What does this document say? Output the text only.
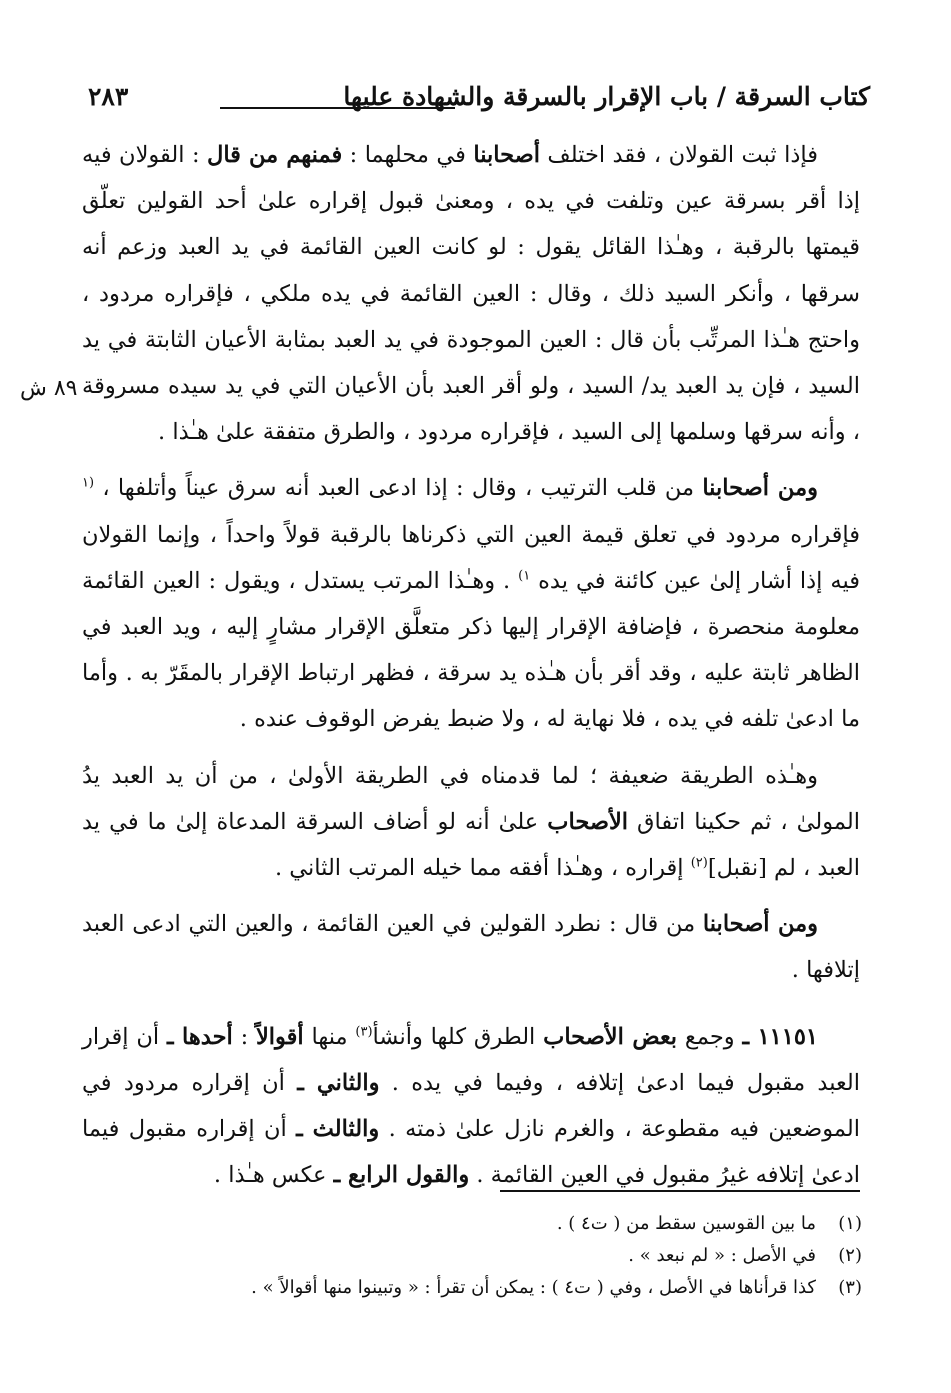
كتاب السرقة / باب الإقرار بالسرقة والشهادة عليها
٢٨٣
٨٩ ش

فإذا ثبت القولان ، فقد اختلف أصحابنا في محلهما : فمنهم من قال : القولان فيه إذا أقر بسرقة عين وتلفت في يده ، ومعنىٰ قبول إقراره علىٰ أحد القولين تعلّق قيمتها بالرقبة ، وهـٰذا القائل يقول : لو كانت العين القائمة في يد العبد وزعم أنه سرقها ، وأنكر السيد ذلك ، وقال : العين القائمة في يده ملكي ، فإقراره مردود ، واحتج هـٰذا المرتِّب بأن قال : العين الموجودة في يد العبد بمثابة الأعيان الثابتة في يد السيد ، فإن يد العبد يد/ السيد ، ولو أقر العبد بأن الأعيان التي في يد سيده مسروقة ، وأنه سرقها وسلمها إلى السيد ، فإقراره مردود ، والطرق متفقة علىٰ هـٰذا .

ومن أصحابنا من قلب الترتيب ، وقال : إذا ادعى العبد أنه سرق عيناً وأتلفها ، $^{(١}$ فإقراره مردود في تعلق قيمة العين التي ذكرناها بالرقبة قولاً واحداً ، وإنما القولان فيه إذا أشار إلىٰ عين كائنة في يده $^{١)}$ . وهـٰذا المرتب يستدل ، ويقول : العين القائمة معلومة منحصرة ، فإضافة الإقرار إليها ذكر متعلَّق الإقرار مشارٍ إليه ، ويد العبد في الظاهر ثابتة عليه ، وقد أقر بأن هـٰذه يد سرقة ، فظهر ارتباط الإقرار بالمقَرّ به . وأما ما ادعىٰ تلفه في يده ، فلا نهاية له ، ولا ضبط يفرض الوقوف عنده .

وهـٰذه الطريقة ضعيفة ؛ لما قدمناه في الطريقة الأولىٰ ، من أن يد العبد يدُ المولىٰ ، ثم حكينا اتفاق الأصحاب علىٰ أنه لو أضاف السرقة المدعاة إلىٰ ما في يد العبد ، لم [نقبل]$^{(٢)}$ إقراره ، وهـٰذا أفقه مما خيله المرتب الثاني .

ومن أصحابنا من قال : نطرد القولين في العين القائمة ، والعين التي ادعى العبد إتلافها .

١١١٥١ ـ وجمع بعض الأصحاب الطرق كلها وأنشأ$^{(٣)}$ منها أقوالاً : أحدها ـ أن إقرار العبد مقبول فيما ادعىٰ إتلافه ، وفيما في يده . والثاني ـ أن إقراره مردود في الموضعين فيه مقطوعة ، والغرم نازل علىٰ ذمته . والثالث ـ أن إقراره مقبول فيما ادعىٰ إتلافه غيرُ مقبول في العين القائمة . والقول الرابع ـ عكس هـٰذا .

(١)
ما بين القوسين سقط من ( ت٤ ) .
(٢)
في الأصل : « لم نبعد » .
(٣)
كذا قرأناها في الأصل ، وفي ( ت٤ ) : يمكن أن تقرأ : « وتبينوا منها أقوالاً » .
